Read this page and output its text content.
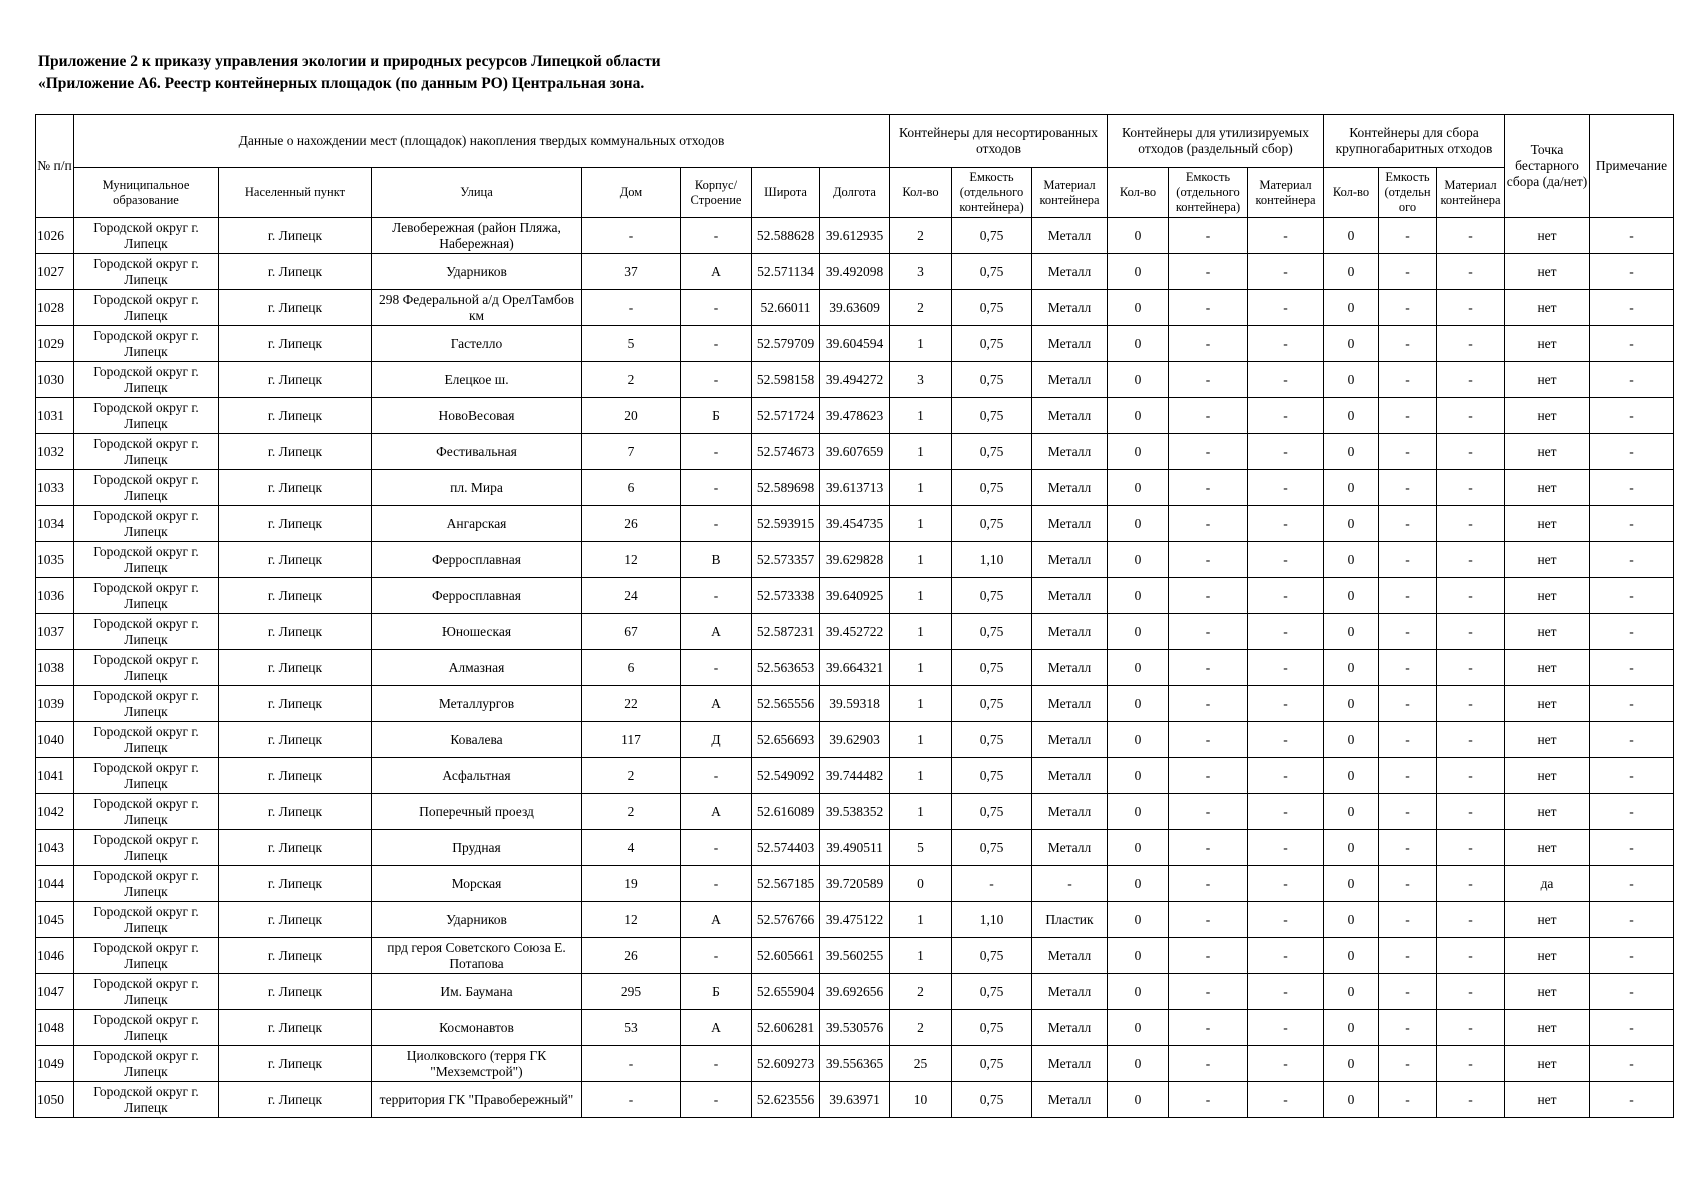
Приложение 2 к приказу управления экологии и природных ресурсов Липецкой области
«Приложение А6. Реестр контейнерных площадок (по данным РО) Центральная зона.
№ п/п	Данные о нахождении мест (площадок) накопления твердых коммунальных отходов							Контейнеры для несортированных отходов			Контейнеры для утилизируемых отходов (раздельный сбор)			Контейнеры для сбора крупногабаритных отходов			Точка бестарного сбора (да/нет)	Примечание
	Муниципальное образование	Населенный пункт	Улица	Дом	Корпус/ Строение	Широта	Долгота	Кол-во	Емкость (отдельного контейнера)	Материал контейнера	Кол-во	Емкость (отдельного контейнера)	Материал контейнера	Кол-во	Емкость (отдельн ого	Материал контейнера		
1026	Городской округ г. Липецк	г. Липецк	Левобережная (район Пляжа, Набережная)	-	-	52.588628	39.612935	2	0,75	Металл	0	-	-	0	-	-	нет	-
1027	Городской округ г. Липецк	г. Липецк	Ударников	37	А	52.571134	39.492098	3	0,75	Металл	0	-	-	0	-	-	нет	-
1028	Городской округ г. Липецк	г. Липецк	298 Федеральной а/д ОрелТамбов км	-	-	52.66011	39.63609	2	0,75	Металл	0	-	-	0	-	-	нет	-
1029	Городской округ г. Липецк	г. Липецк	Гастелло	5	-	52.579709	39.604594	1	0,75	Металл	0	-	-	0	-	-	нет	-
1030	Городской округ г. Липецк	г. Липецк	Елецкое ш.	2	-	52.598158	39.494272	3	0,75	Металл	0	-	-	0	-	-	нет	-
1031	Городской округ г. Липецк	г. Липецк	НовоВесовая	20	Б	52.571724	39.478623	1	0,75	Металл	0	-	-	0	-	-	нет	-
1032	Городской округ г. Липецк	г. Липецк	Фестивальная	7	-	52.574673	39.607659	1	0,75	Металл	0	-	-	0	-	-	нет	-
1033	Городской округ г. Липецк	г. Липецк	пл. Мира	6	-	52.589698	39.613713	1	0,75	Металл	0	-	-	0	-	-	нет	-
1034	Городской округ г. Липецк	г. Липецк	Ангарская	26	-	52.593915	39.454735	1	0,75	Металл	0	-	-	0	-	-	нет	-
1035	Городской округ г. Липецк	г. Липецк	Ферросплавная	12	В	52.573357	39.629828	1	1,10	Металл	0	-	-	0	-	-	нет	-
1036	Городской округ г. Липецк	г. Липецк	Ферросплавная	24	-	52.573338	39.640925	1	0,75	Металл	0	-	-	0	-	-	нет	-
1037	Городской округ г. Липецк	г. Липецк	Юношеская	67	А	52.587231	39.452722	1	0,75	Металл	0	-	-	0	-	-	нет	-
1038	Городской округ г. Липецк	г. Липецк	Алмазная	6	-	52.563653	39.664321	1	0,75	Металл	0	-	-	0	-	-	нет	-
1039	Городской округ г. Липецк	г. Липецк	Металлургов	22	А	52.565556	39.59318	1	0,75	Металл	0	-	-	0	-	-	нет	-
1040	Городской округ г. Липецк	г. Липецк	Ковалева	117	Д	52.656693	39.62903	1	0,75	Металл	0	-	-	0	-	-	нет	-
1041	Городской округ г. Липецк	г. Липецк	Асфальтная	2	-	52.549092	39.744482	1	0,75	Металл	0	-	-	0	-	-	нет	-
1042	Городской округ г. Липецк	г. Липецк	Поперечный проезд	2	А	52.616089	39.538352	1	0,75	Металл	0	-	-	0	-	-	нет	-
1043	Городской округ г. Липецк	г. Липецк	Прудная	4	-	52.574403	39.490511	5	0,75	Металл	0	-	-	0	-	-	нет	-
1044	Городской округ г. Липецк	г. Липецк	Морская	19	-	52.567185	39.720589	0	-	-	0	-	-	0	-	-	да	-
1045	Городской округ г. Липецк	г. Липецк	Ударников	12	А	52.576766	39.475122	1	1,10	Пластик	0	-	-	0	-	-	нет	-
1046	Городской округ г. Липецк	г. Липецк	прд героя Советского Союза Е. Потапова	26	-	52.605661	39.560255	1	0,75	Металл	0	-	-	0	-	-	нет	-
1047	Городской округ г. Липецк	г. Липецк	Им. Баумана	295	Б	52.655904	39.692656	2	0,75	Металл	0	-	-	0	-	-	нет	-
1048	Городской округ г. Липецк	г. Липецк	Космонавтов	53	А	52.606281	39.530576	2	0,75	Металл	0	-	-	0	-	-	нет	-
1049	Городской округ г. Липецк	г. Липецк	Циолковского (терря ГК "Мехземстрой")	-	-	52.609273	39.556365	25	0,75	Металл	0	-	-	0	-	-	нет	-
1050	Городской округ г. Липецк	г. Липецк	территория ГК "Правобережный"	-	-	52.623556	39.63971	10	0,75	Металл	0	-	-	0	-	-	нет	-
